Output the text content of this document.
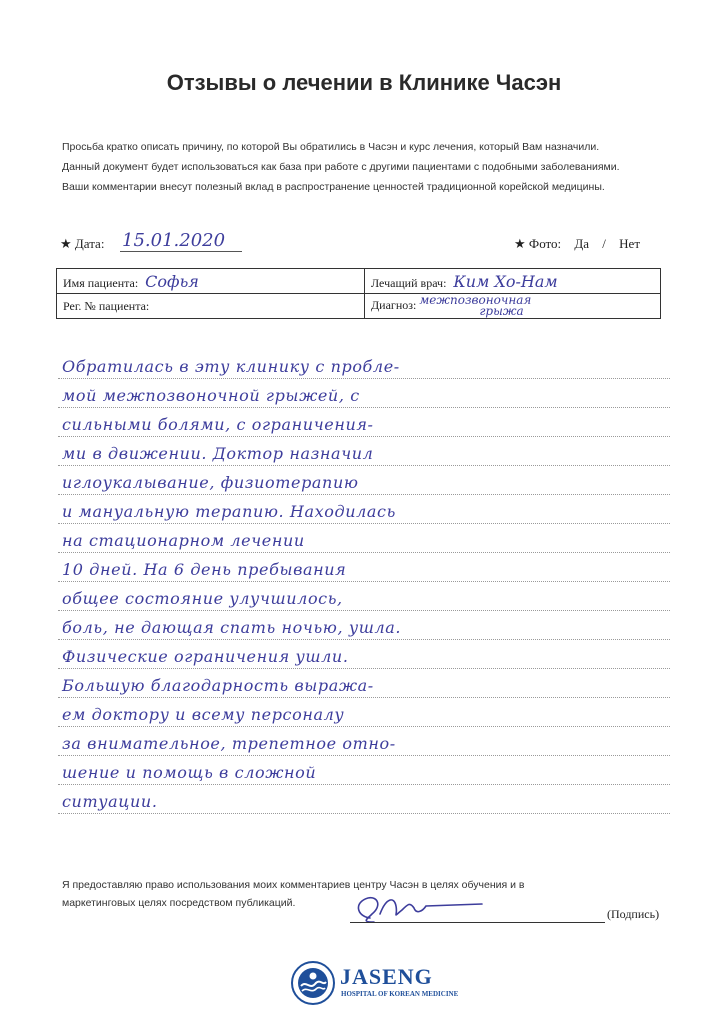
Отзывы о лечении в Клинике Часэн
Просьба кратко описать причину, по которой Вы обратились в Часэн и курс лечения, который Вам назначили.
Данный документ будет использоваться как база при работе с другими пациентами с подобными заболеваниями.
Ваши комментарии внесут полезный вклад в распространение ценностей традиционной корейской медицины.
★ Дата: 15.01.2020	★ Фото: Да / Нет
Имя пациента: Софья	Лечащий врач: Ким Хо-Нам
Рег. № пациента:	Диагноз: межпозвоночная
грыжа
Обратилась в эту клинику с пробле-
мой межпозвоночной грыжей, с
сильными болями, с ограничения-
ми в движении. Доктор назначил
иглоукалывание, физиотерапию
и мануальную терапию. Находилась
на стационарном лечении
10 дней. На 6 день пребывания
общее состояние улучшилось,
боль, не дающая спать ночью, ушла.
Физические ограничения ушли.
Большую благодарность выража-
ем доктору и всему персоналу
за внимательное, трепетное отно-
шение и помощь в сложной
ситуации.
Я предоставляю право использования моих комментариев центру Часэн в целях обучения и в
маркетинговых целях посредством публикаций.
(Подпись)
JASENG
HOSPITAL OF KOREAN MEDICINE
